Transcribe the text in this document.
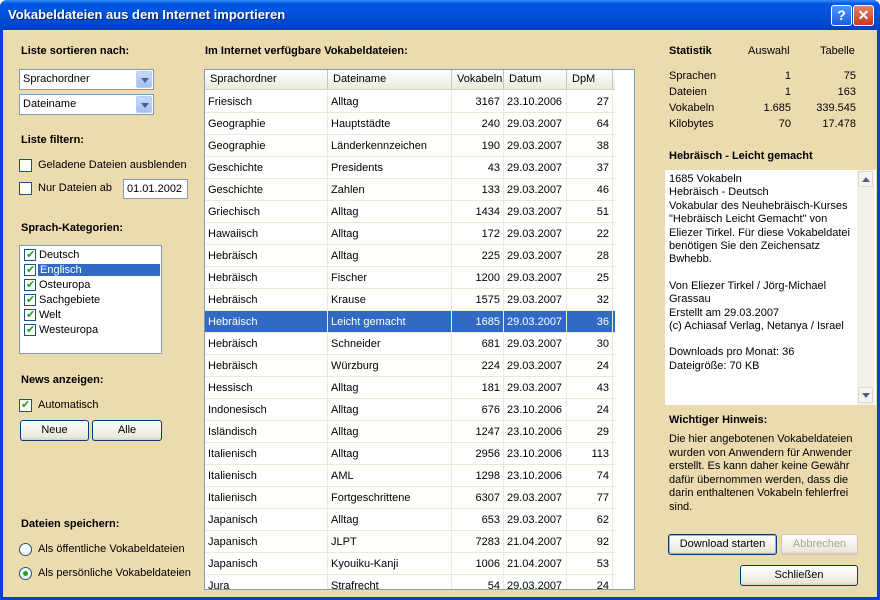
Vokabeldateien aus dem Internet importieren	? ✕
Liste sortieren nach:
Sprachordner
Dateiname
Liste filtern:
Geladene Dateien ausblenden
Nur Dateien ab	01.01.2002
Sprach-Kategorien:
✔
Deutsch
✔
Englisch
✔
Osteuropa
✔
Sachgebiete
✔
Welt
✔
Westeuropa
News anzeigen:
✔
Automatisch
Neue	Alle
Dateien speichern:
Als öffentliche Vokabeldateien
Als persönliche Vokabeldateien
Im Internet verfügbare Vokabeldateien:
Sprachordner	Dateiname	Vokabeln Datum	DpM
Friesisch	Alltag	3167 23.10.2006	27
Geographie	Hauptstädte	240 29.03.2007	64
Geographie	Länderkennzeichen	190 29.03.2007	38
Geschichte	Presidents	43 29.03.2007	37
Geschichte	Zahlen	133 29.03.2007	46
Griechisch	Alltag	1434 29.03.2007	51
Hawaiisch	Alltag	172 29.03.2007	22
Hebräisch	Alltag	225 29.03.2007	28
Hebräisch	Fischer	1200 29.03.2007	25
Hebräisch	Krause	1575 29.03.2007	32
Hebräisch	Leicht gemacht	1685 29.03.2007	36
Hebräisch	Schneider	681 29.03.2007	30
Hebräisch	Würzburg	224 29.03.2007	24
Hessisch	Alltag	181 29.03.2007	43
Indonesisch	Alltag	676 23.10.2006	24
Isländisch	Alltag	1247 23.10.2006	29
Italienisch	Alltag	2956 23.10.2006	113
Italienisch	AML	1298 23.10.2006	74
Italienisch	Fortgeschrittene	6307 29.03.2007	77
Japanisch	Alltag	653 29.03.2007	62
Japanisch	JLPT	7283 21.04.2007	92
Japanisch	Kyouiku-Kanji	1006 21.04.2007	53
Jura	Strafrecht	54 29.03.2007	24
Statistik	Auswahl	Tabelle
Sprachen	1	75
Dateien	1	163
Vokabeln	1.685	339.545
Kilobytes	70	17.478
Hebräisch - Leicht gemacht

1685 Vokabeln

Hebräisch - Deutsch

Vokabular des Neuhebräisch-Kurses "Hebräisch Leicht Gemacht" von Eliezer Tirkel. Für diese Vokabeldatei benötigen Sie den Zeichensatz Bwhebb.

Von Eliezer Tirkel / Jörg-Michael Grassau

Erstellt am 29.03.2007

(c) Achiasaf Verlag, Netanya / Israel

Downloads pro Monat: 36

Dateigröße: 70 KB

Wichtiger Hinweis:
Die hier angebotenen Vokabeldateien wurden von Anwendern für Anwender erstellt. Es kann daher keine Gewähr dafür übernommen werden, dass die darin enthaltenen Vokabeln fehlerfrei sind.
Download starten	Abbrechen
Schließen
